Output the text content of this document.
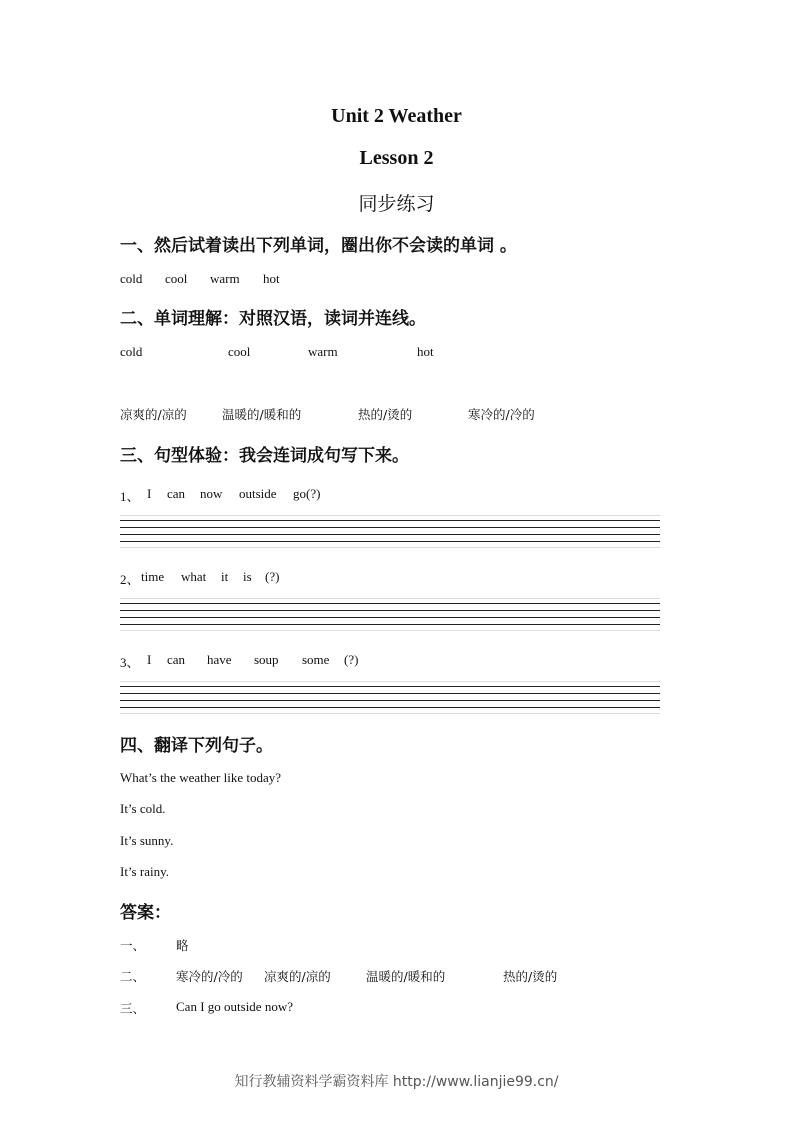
Unit 2 Weather
Lesson 2
同步练习
一、然后试着读出下列单词，圈出你不会读的单词 。
cold cool warm hot
二、单词理解：对照汉语，读词并连线。
cold	cool	warm	hot
凉爽的/凉的	温暖的/暖和的	热的/烫的	寒冷的/冷的
三、句型体验：我会连词成句写下来。
1、 I can now outside go(?)
2、 time what it is (?)
3、 I can have soup some (?)
四、翻译下列句子。
What’s the weather like today?
It’s cold.
It’s sunny.
It’s rainy.
答案：
一、 略
二、 寒冷的/冷的 凉爽的/凉的	温暖的/暖和的	热的/烫的
三、 Can I go outside now?
知行教辅资料学霸资料库 http://www.lianjie99.cn/
